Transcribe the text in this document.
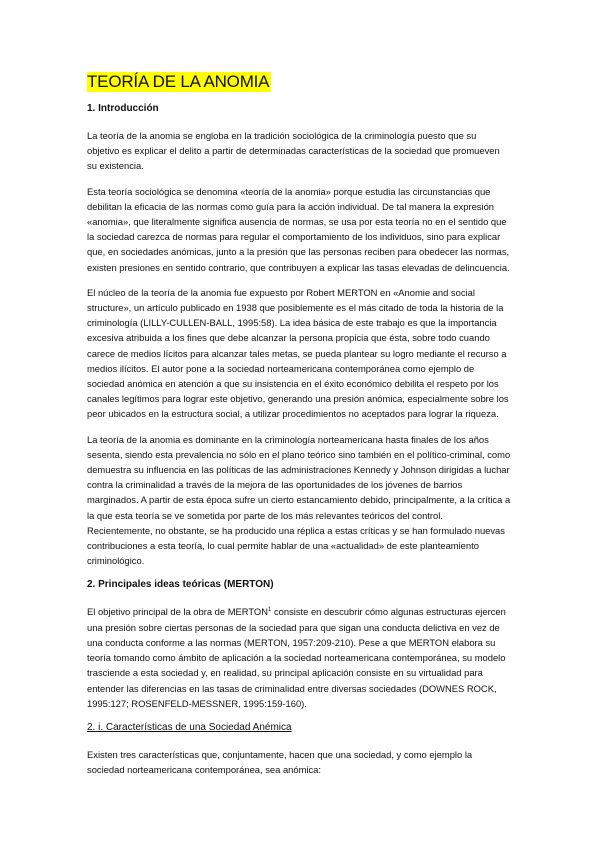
TEORÍA DE LA ANOMIA
1. Introducción

La teoría de la anomia se engloba en la tradición sociológica de la criminología puesto que su objetivo es explicar el delito a partir de determinadas características de la sociedad que promueven su existencia.

Esta teoría sociológica se denomina «teoría de la anomia» porque estudia las circunstancias que debilitan la eficacia de las normas como guía para la acción individual. De tal manera la expresión «anomia», que literalmente significa ausencia de normas, se usa por esta teoría no en el sentido que la sociedad carezca de normas para regular el comportamiento de los individuos, sino para explicar que, en sociedades anómicas, junto a la presión que las personas reciben para obedecer las normas, existen presiones en sentido contrario, que contribuyen a explicar las tasas elevadas de delincuencia.

El núcleo de la teoría de la anomia fue expuesto por Robert MERTON en «Anomie and social structure», un artículo publicado en 1938 que posiblemente es el más citado de toda la historia de la criminología (LILLY-CULLEN-BALL, 1995:58). La idea básica de este trabajo es que la importancia excesiva atribuida a los fines que debe alcanzar la persona propicia que ésta, sobre todo cuando carece de medios lícitos para alcanzar tales metas, se pueda plantear su logro mediante el recurso a medios ilícitos. El autor pone a la sociedad norteamericana contemporánea como ejemplo de sociedad anómica en atención a que su insistencia en el éxito económico debilita el respeto por los canales legítimos para lograr este objetivo, generando una presión anómica, especialmente sobre los peor ubicados en la estructura social, a utilizar procedimientos no aceptados para lograr la riqueza.

La teoría de la anomia es dominante en la criminología norteamericana hasta finales de los años sesenta, siendo esta prevalencia no sólo en el plano teórico sino también en el político-criminal, como demuestra su influencia en las políticas de las administraciones Kennedy y Johnson dirigidas a luchar contra la criminalidad a través de la mejora de las oportunidades de los jóvenes de barrios marginados. A partir de esta época sufre un cierto estancamiento debido, principalmente, a la crítica a la que esta teoría se ve sometida por parte de los más relevantes teóricos del control. Recientemente, no obstante, se ha producido una réplica a estas críticas y se han formulado nuevas contribuciones a esta teoría, lo cual permite hablar de una «actualidad» de este planteamiento criminológico.

2. Principales ideas teóricas (MERTON)

El objetivo principal de la obra de MERTON$^1$ consiste en descubrir cómo algunas estructuras ejercen una presión sobre ciertas personas de la sociedad para que sigan una conducta delictiva en vez de una conducta conforme a las normas (MERTON, 1957:209-210). Pese a que MERTON elabora su teoría tomando como ámbito de aplicación a la sociedad norteamericana contemporánea, su modelo trasciende a esta sociedad y, en realidad, su principal aplicación consiste en su virtualidad para entender las diferencias en las tasas de criminalidad entre diversas sociedades (DOWNES ROCK, 1995:127; ROSENFELD-MESSNER, 1995:159-160).

2. i. Características de una Sociedad Anémica

Existen tres características que, conjuntamente, hacen que una sociedad, y como ejemplo la sociedad norteamericana contemporánea, sea anómica:
